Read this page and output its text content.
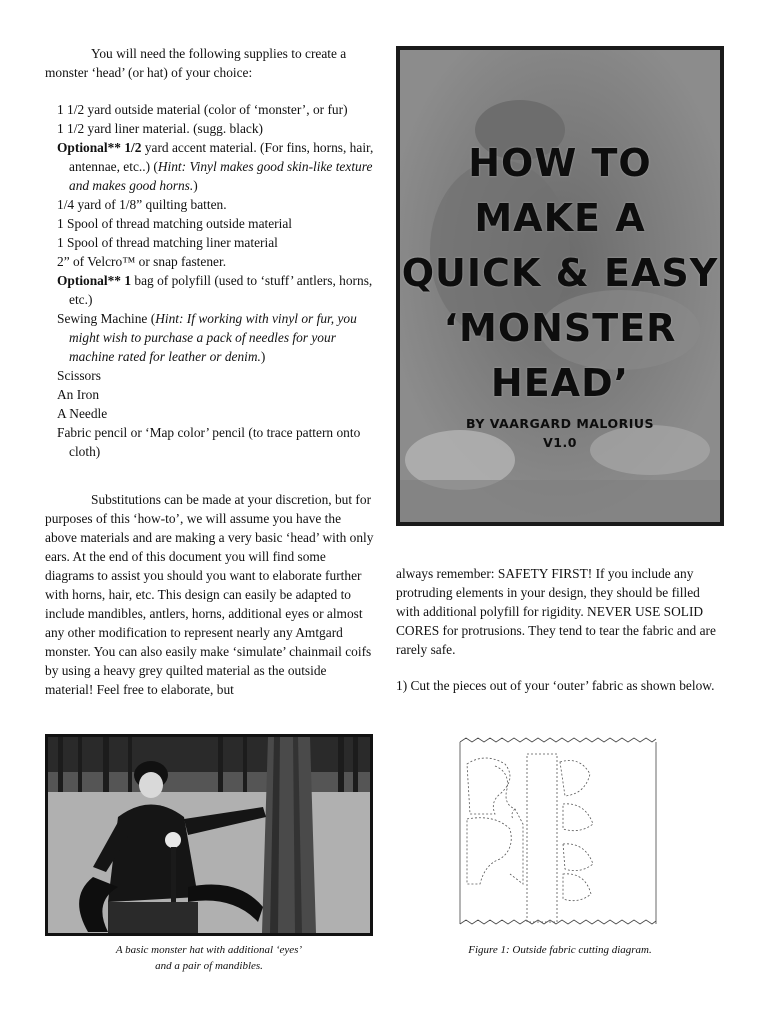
You will need the following supplies to create a monster ‘head’ (or hat) of your choice:

1 1/2 yard outside material (color of ‘monster’, or fur)
1 1/2 yard liner material. (sugg. black)
Optional** 1/2 yard accent material. (For fins, horns, hair, antennae, etc..) (Hint: Vinyl makes good skin-like texture and makes good horns.)
1/4 yard of 1/8” quilting batten.
1 Spool of thread matching outside material
1 Spool of thread matching liner material
2” of Velcro™ or snap fastener.
Optional** 1 bag of polyfill (used to ‘stuff’ antlers, horns, etc.)
Sewing Machine (Hint: If working with vinyl or fur, you might wish to purchase a pack of needles for your machine rated for leather or denim.)
Scissors
An Iron
A Needle
Fabric pencil or ‘Map color’ pencil (to trace pattern onto cloth)

Substitutions can be made at your discretion, but for purposes of this ‘how-to’, we will assume you have the above materials and are making a very basic ‘head’ with only ears. At the end of this document you will find some diagrams to assist you should you want to elaborate further with horns, hair, etc. This design can easily be adapted to include mandibles, antlers, horns, additional eyes or almost any other modification to represent nearly any Amtgard monster. You can also easily make ‘simulate’ chainmail coifs by using a heavy grey quilted material as the outside material! Feel free to elaborate, but

HOW TO
MAKE A
QUICK & EASY
‘MONSTER
HEAD’
BY VAARGARD MALORIUS
V1.0

always remember: SAFETY FIRST! If you include any protruding elements in your design, they should be filled with additional polyfill for rigidity. NEVER USE SOLID CORES for protrusions. They tend to tear the fabric and are rarely safe.

1) Cut the pieces out of your ‘outer’ fabric as shown below.

A basic monster hat with additional ‘eyes’
and a pair of mandibles.
Figure 1: Outside fabric cutting diagram.
